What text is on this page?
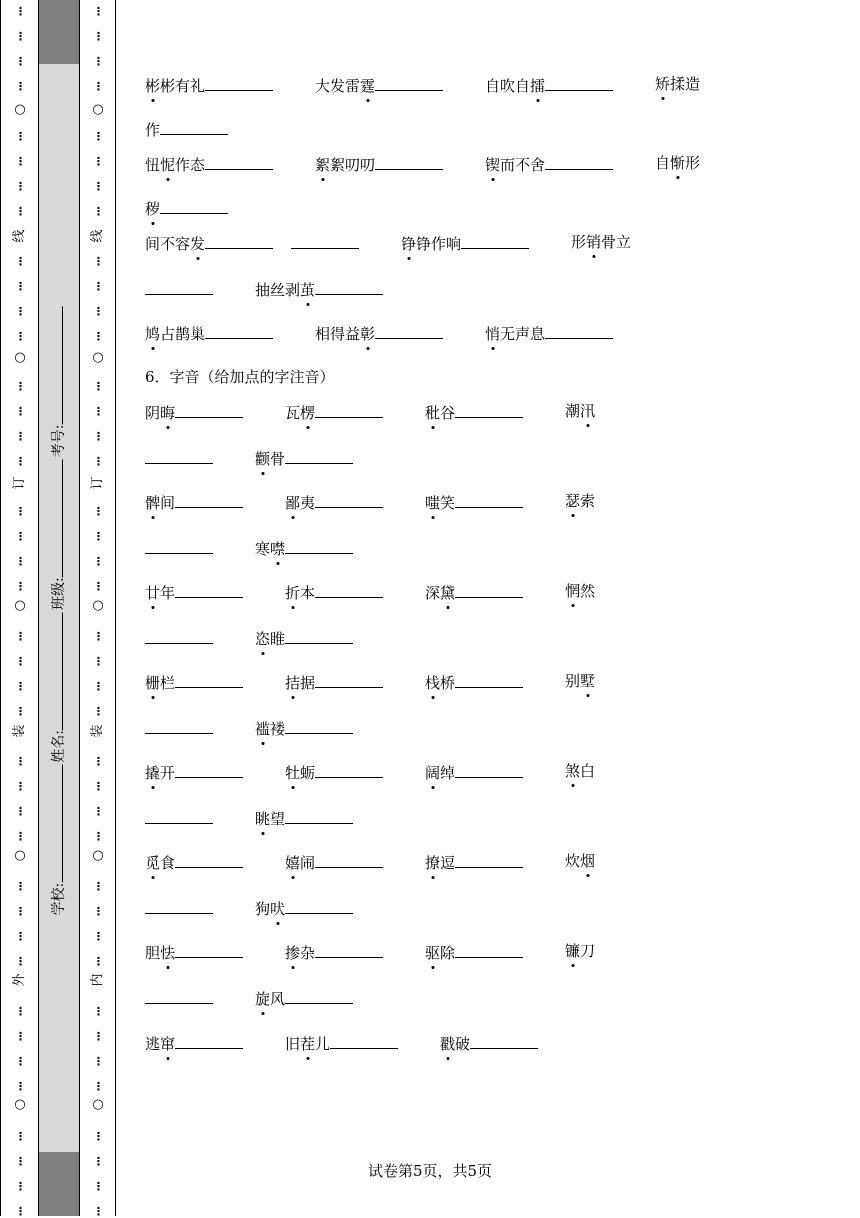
⋮
⋮
⋮
⋮
⋮
⋮
⋮
⋮
⋮
⋮
⋮
⋮
⋮
⋮
⋮
⋮
⋮
⋮
⋮
⋮
⋮
⋮
⋮
⋮
⋮
⋮
⋮
⋮
⋮
⋮
⋮
⋮
⋮
⋮
⋮
⋮
⋮
⋮
⋮
⋮
○
○
○
○
○
线
订
装
外
⋮
⋮
⋮
⋮
⋮
⋮
⋮
⋮
⋮
⋮
⋮
⋮
⋮
⋮
⋮
⋮
⋮
⋮
⋮
⋮
⋮
⋮
⋮
⋮
⋮
⋮
⋮
⋮
⋮
⋮
⋮
⋮
⋮
⋮
⋮
⋮
⋮
⋮
⋮
⋮
○
○
○
○
○
线
订
装
内
学校:
姓名:
班级:
考号:
彬彬有礼	大发雷霆	自吹自擂	矫揉造
作
忸怩作态	絮絮叨叨	锲而不舍	自惭形
秽
间不容发	铮铮作响	形销骨立
抽丝剥茧
鸠占鹊巢	相得益彰	悄无声息
6．字音（给加点的字注音）
阴晦	瓦楞	秕谷	潮汛
颧骨
髀间	鄙夷	嗤笑	瑟索
寒噤
廿年	折本	深黛	惘然
恣睢
栅栏	拮据	栈桥	别墅
褴褛
撬开	牡蛎	阔绰	煞白
眺望
觅食	嬉闹	撩逗	炊烟
狗吠
胆怯	掺杂	驱除	镰刀
旋风
逃窜	旧茬儿	戳破
试卷第5页，共5页
